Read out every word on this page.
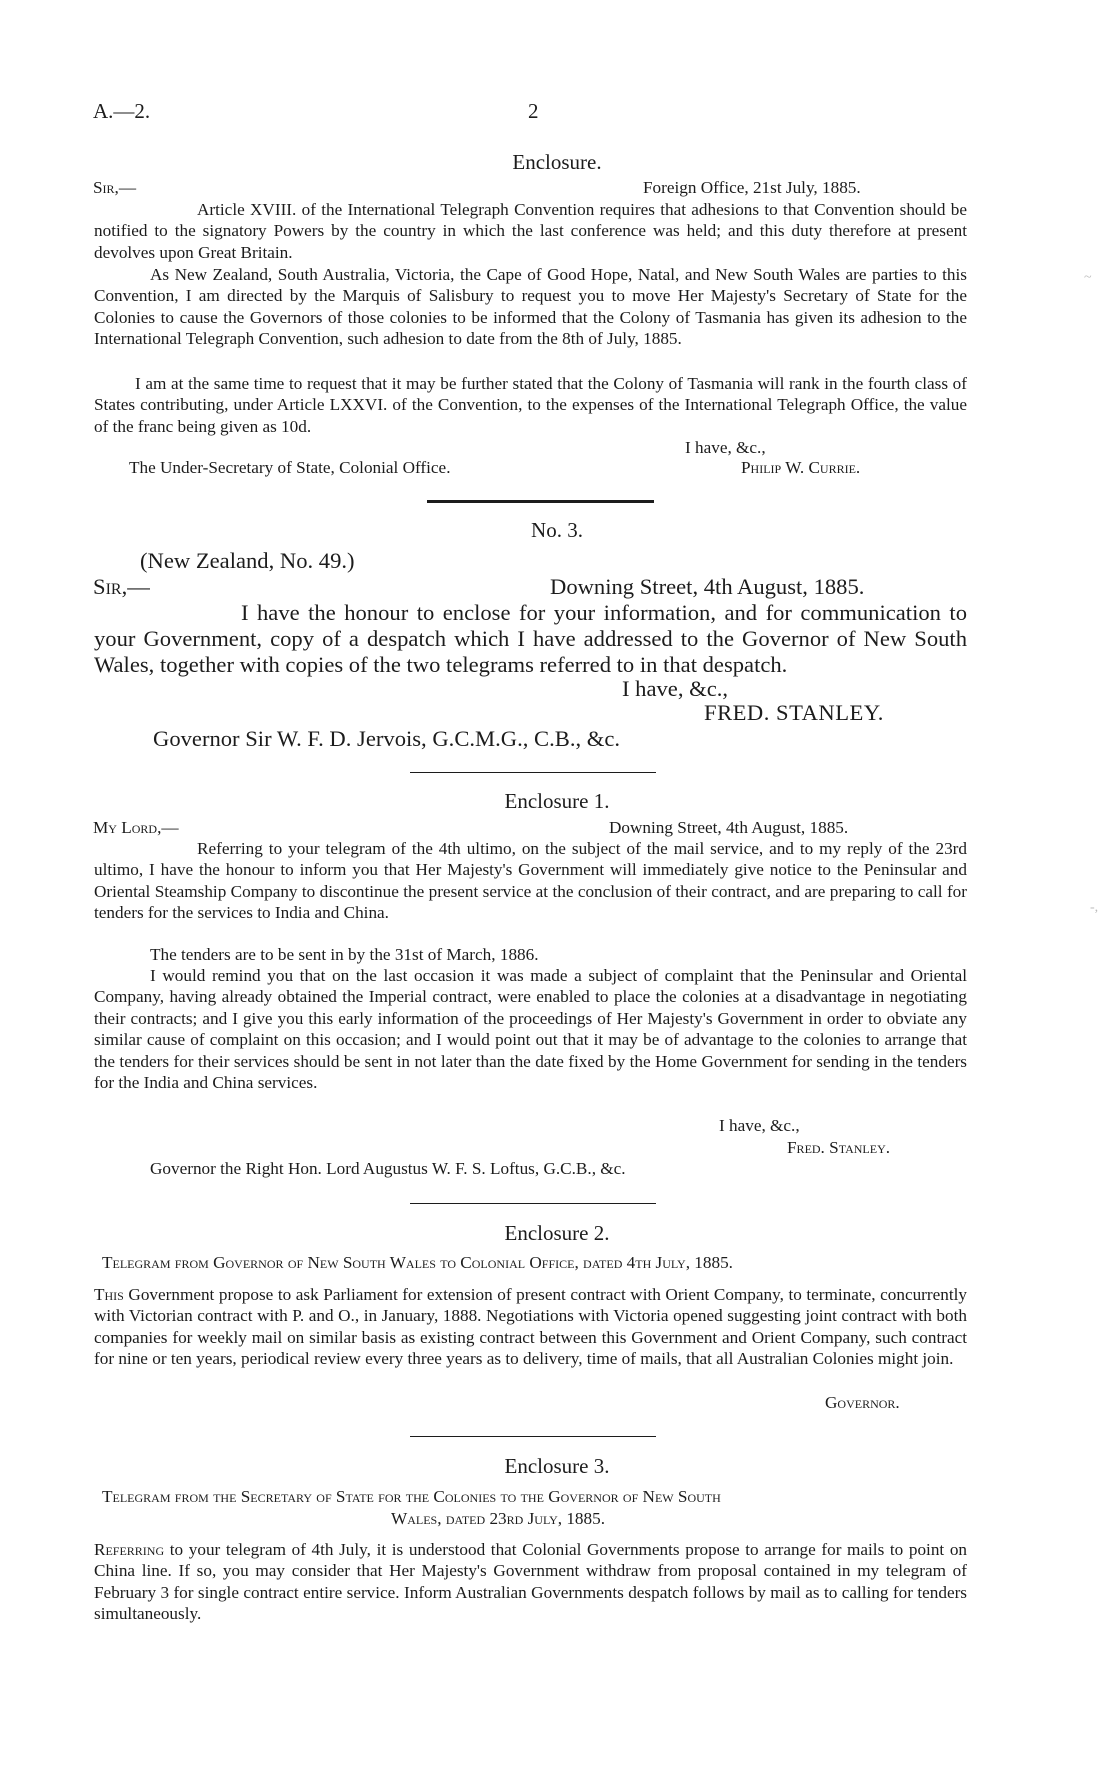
A.—2.	2
Enclosure.
Sir,—	Foreign Office, 21st July, 1885.

Article XVIII. of the International Telegraph Convention requires that adhesions to that Convention should be notified to the signatory Powers by the country in which the last conference was held; and this duty therefore at present devolves upon Great Britain.

As New Zealand, South Australia, Victoria, the Cape of Good Hope, Natal, and New South Wales are parties to this Convention, I am directed by the Marquis of Salisbury to request you to move Her Majesty's Secretary of State for the Colonies to cause the Governors of those colonies to be informed that the Colony of Tasmania has given its adhesion to the International Telegraph Convention, such adhesion to date from the 8th of July, 1885.

I am at the same time to request that it may be further stated that the Colony of Tasmania will rank in the fourth class of States contributing, under Article LXXVI. of the Convention, to the expenses of the International Telegraph Office, the value of the franc being given as 10d.

I have, &c.,
The Under-Secretary of State, Colonial Office.	Philip W. Currie.
No. 3.
(New Zealand, No. 49.)
Sir,—	Downing Street, 4th August, 1885.

I have the honour to enclose for your information, and for communication to your Government, copy of a despatch which I have addressed to the Governor of New South Wales, together with copies of the two telegrams referred to in that despatch.

I have, &c.,
FRED. STANLEY.
Governor Sir W. F. D. Jervois, G.C.M.G., C.B., &c.
Enclosure 1.
My Lord,—	Downing Street, 4th August, 1885.

Referring to your telegram of the 4th ultimo, on the subject of the mail service, and to my reply of the 23rd ultimo, I have the honour to inform you that Her Majesty's Government will immediately give notice to the Peninsular and Oriental Steamship Company to discontinue the present service at the conclusion of their contract, and are preparing to call for tenders for the services to India and China.

The tenders are to be sent in by the 31st of March, 1886.

I would remind you that on the last occasion it was made a subject of complaint that the Peninsular and Oriental Company, having already obtained the Imperial contract, were enabled to place the colonies at a disadvantage in negotiating their contracts; and I give you this early information of the proceedings of Her Majesty's Government in order to obviate any similar cause of complaint on this occasion; and I would point out that it may be of advantage to the colonies to arrange that the tenders for their services should be sent in not later than the date fixed by the Home Government for sending in the tenders for the India and China services.

I have, &c.,
Fred. Stanley.
Governor the Right Hon. Lord Augustus W. F. S. Loftus, G.C.B., &c.
Enclosure 2.
Telegram from Governor of New South Wales to Colonial Office, dated 4th July, 1885.

This Government propose to ask Parliament for extension of present contract with Orient Company, to terminate, concurrently with Victorian contract with P. and O., in January, 1888. Negotiations with Victoria opened suggesting joint contract with both companies for weekly mail on similar basis as existing contract between this Government and Orient Company, such contract for nine or ten years, periodical review every three years as to delivery, time of mails, that all Australian Colonies might join.

Governor.
Enclosure 3.
Telegram from the Secretary of State for the Colonies to the Governor of New South
Wales, dated 23rd July, 1885.

Referring to your telegram of 4th July, it is understood that Colonial Governments propose to arrange for mails to point on China line. If so, you may consider that Her Majesty's Government withdraw from proposal contained in my telegram of February 3 for single contract entire service. Inform Australian Governments despatch follows by mail as to calling for tenders simultaneously.

~
-,
